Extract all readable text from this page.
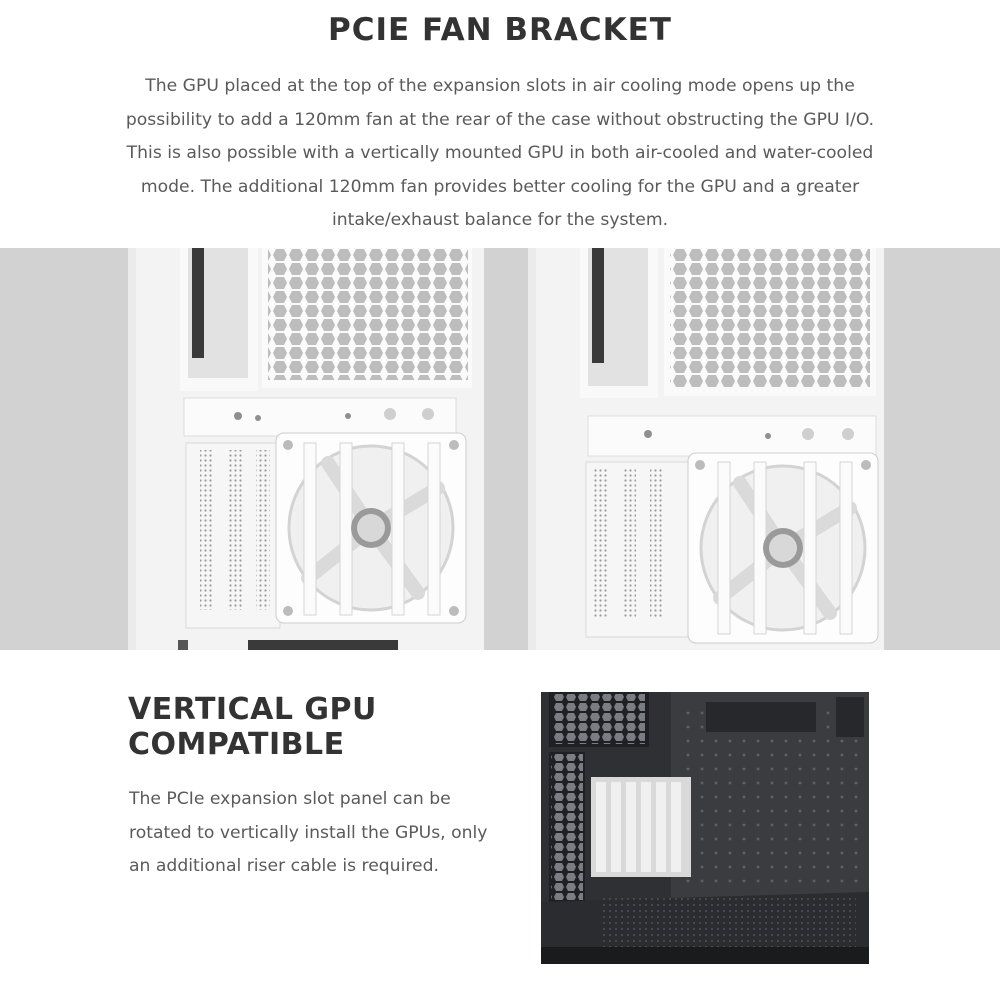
PCIE FAN BRACKET

The GPU placed at the top of the expansion slots in air cooling mode opens up the possibility to add a 120mm fan at the rear of the case without obstructing the GPU I/O. This is also possible with a vertically mounted GPU in both air-cooled and water-cooled mode. The additional 120mm fan provides better cooling for the GPU and a greater intake/exhaust balance for the system.

VERTICAL GPU
COMPATIBLE

The PCIe expansion slot panel can be rotated to vertically install the GPUs, only an additional riser cable is required.
